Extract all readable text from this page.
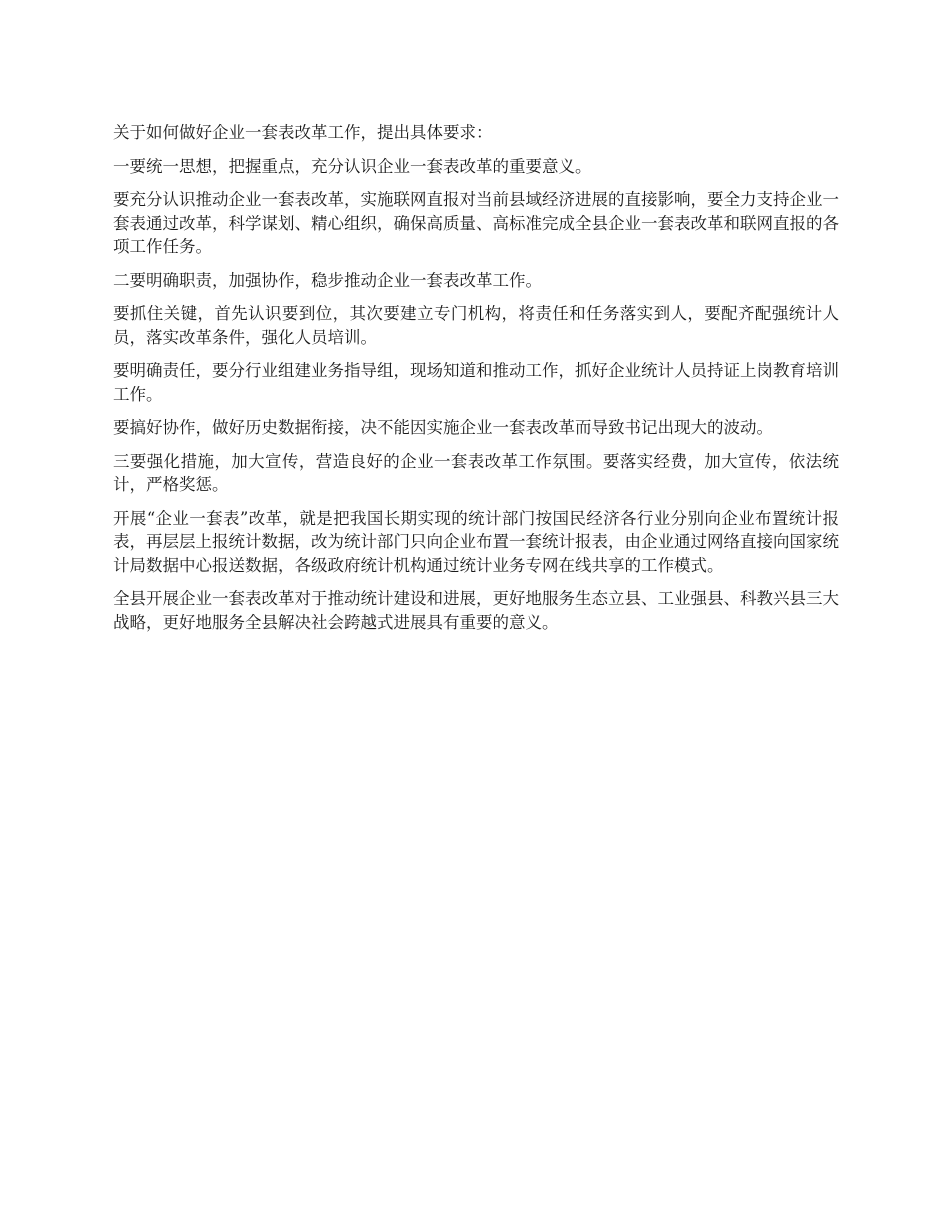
关于如何做好企业一套表改革工作，提出具体要求：

一要统一思想，把握重点，充分认识企业一套表改革的重要意义。

要充分认识推动企业一套表改革，实施联网直报对当前县域经济进展的直接影响，要全力支持企业一套表通过改革，科学谋划、精心组织，确保高质量、高标准完成全县企业一套表改革和联网直报的各项工作任务。

二要明确职责，加强协作，稳步推动企业一套表改革工作。

要抓住关键，首先认识要到位，其次要建立专门机构，将责任和任务落实到人，要配齐配强统计人员，落实改革条件，强化人员培训。

要明确责任，要分行业组建业务指导组，现场知道和推动工作，抓好企业统计人员持证上岗教育培训工作。

要搞好协作，做好历史数据衔接，决不能因实施企业一套表改革而导致书记出现大的波动。

三要强化措施，加大宣传，营造良好的企业一套表改革工作氛围。要落实经费，加大宣传，依法统计，严格奖惩。

开展“企业一套表”改革，就是把我国长期实现的统计部门按国民经济各行业分别向企业布置统计报表，再层层上报统计数据，改为统计部门只向企业布置一套统计报表，由企业通过网络直接向国家统计局数据中心报送数据，各级政府统计机构通过统计业务专网在线共享的工作模式。

全县开展企业一套表改革对于推动统计建设和进展，更好地服务生态立县、工业强县、科教兴县三大战略，更好地服务全县解决社会跨越式进展具有重要的意义。
